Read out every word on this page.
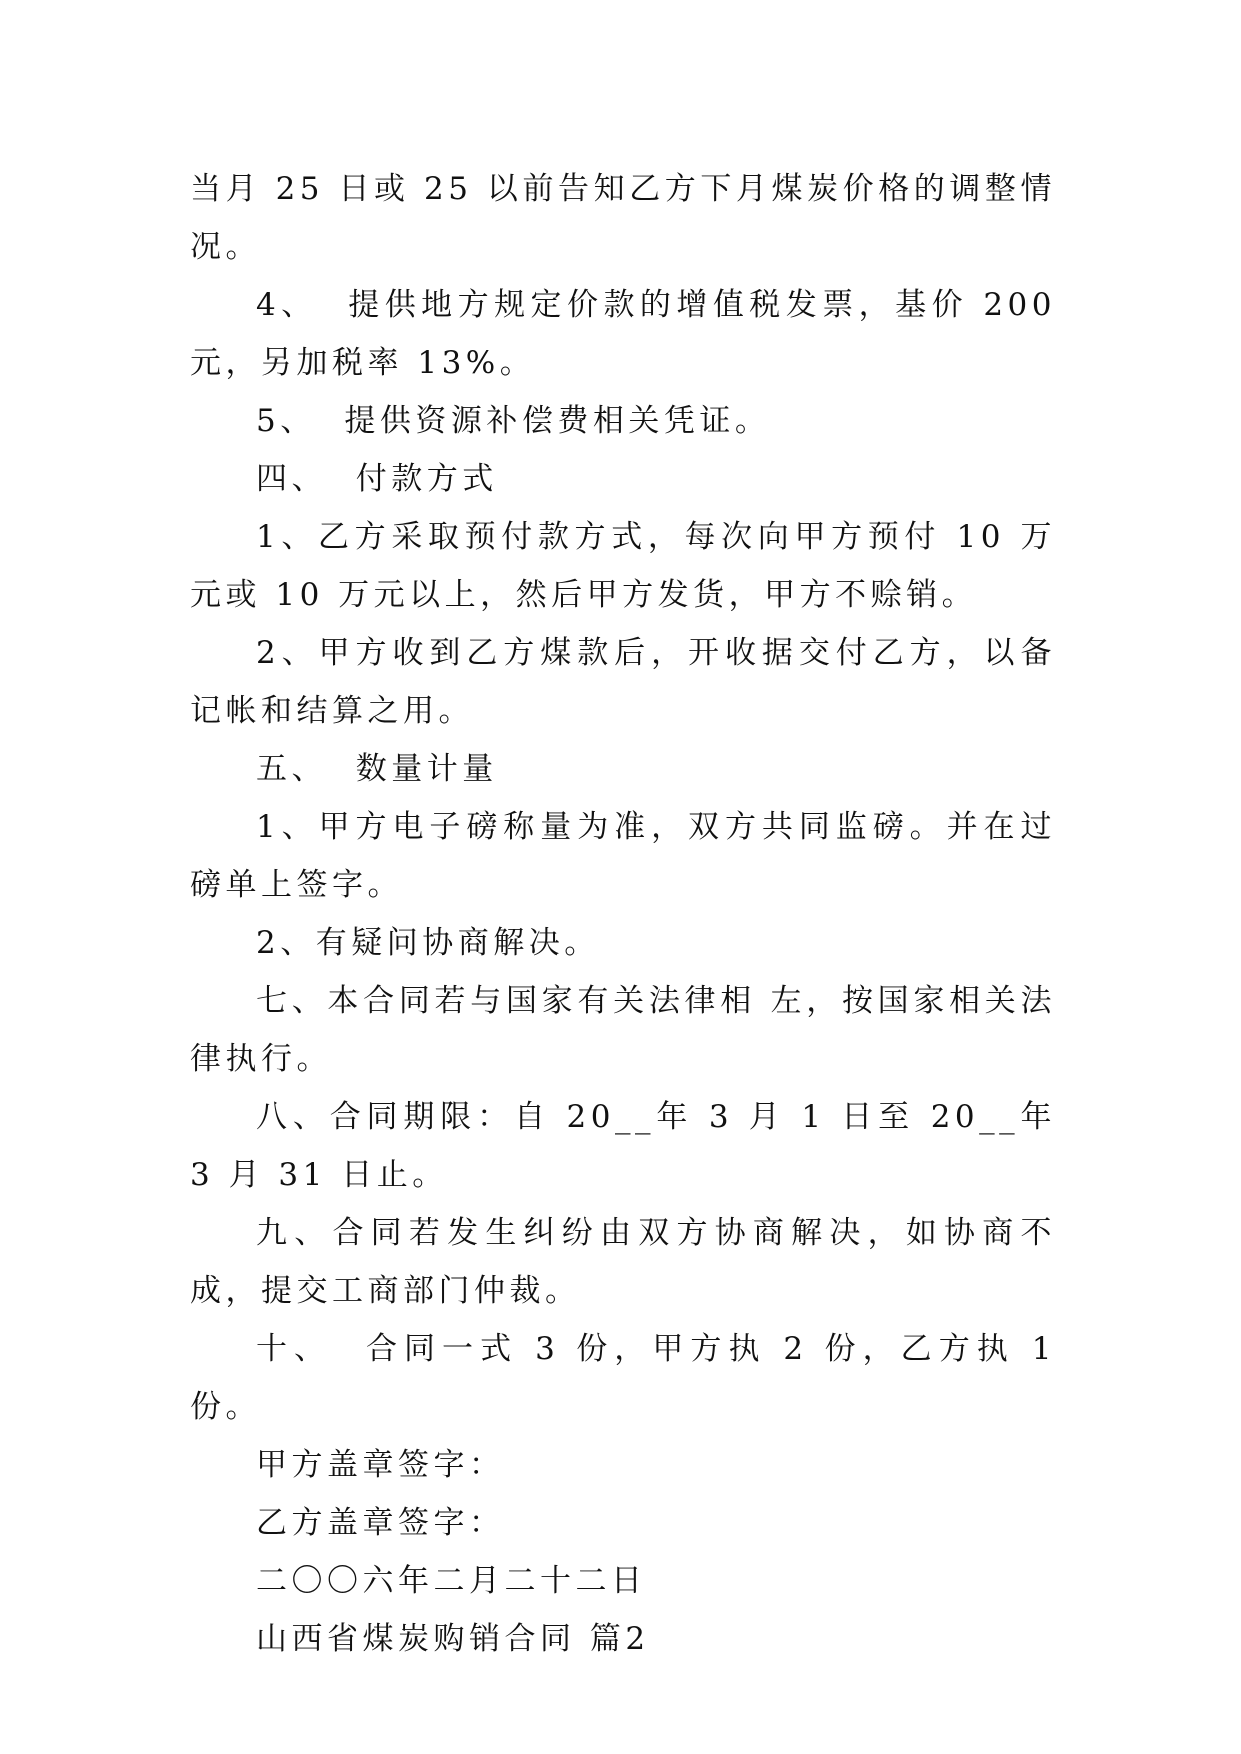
当月 25 日或 25 以前告知乙方下月煤炭价格的调整情况。

4、  提供地方规定价款的增值税发票，基价 200 元，另加税率 13%。

5、  提供资源补偿费相关凭证。

四、  付款方式

1、乙方采取预付款方式，每次向甲方预付 10 万元或 10 万元以上，然后甲方发货，甲方不赊销。

2、甲方收到乙方煤款后，开收据交付乙方，以备记帐和结算之用。

五、  数量计量

1、甲方电子磅称量为准，双方共同监磅。并在过磅单上签字。

2、有疑问协商解决。

七、本合同若与国家有关法律相 左，按国家相关法律执行。

八、合同期限：自 20__年 3 月 1 日至 20__年 3 月 31 日止。

九、合同若发生纠纷由双方协商解决，如协商不成，提交工商部门仲裁。

十、  合同一式 3 份，甲方执 2 份，乙方执 1 份。

甲方盖章签字：

乙方盖章签字：

二〇〇六年二月二十二日

山西省煤炭购销合同 篇2
